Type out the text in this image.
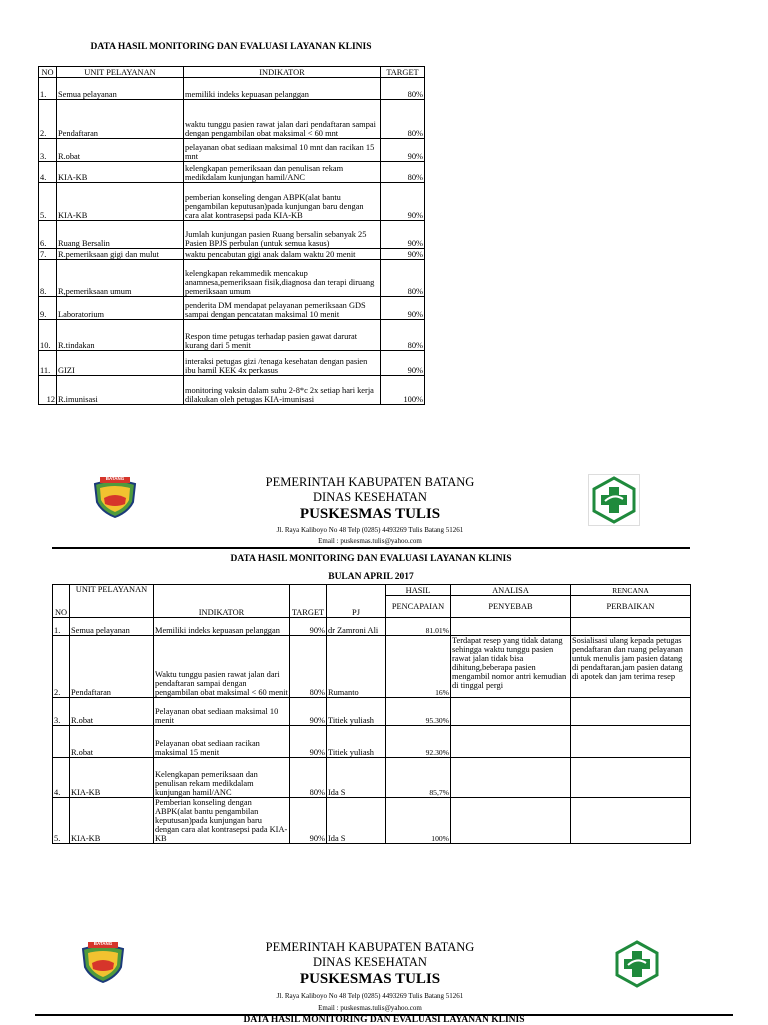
DATA HASIL MONITORING DAN EVALUASI LAYANAN KLINIS
NO	UNIT PELAYANAN	INDIKATOR	TARGET
1.	Semua pelayanan	memiliki indeks kepuasan pelanggan	80%
2.	Pendaftaran	waktu tunggu pasien rawat jalan dari pendaftaran sampai dengan pengambilan obat maksimal < 60 mnt	80%
3.	R.obat	pelayanan obat sediaan maksimal 10 mnt dan racikan 15 mnt	90%
4.	KIA-KB	kelengkapan pemeriksaan dan penulisan rekam medikdalam kunjungan hamil/ANC	80%
5.	KIA-KB	pemberian konseling dengan ABPK(alat bantu pengambilan keputusan)pada kunjungan baru dengan cara alat kontrasepsi pada KIA-KB	90%
6.	Ruang Bersalin	Jumlah kunjungan pasien Ruang bersalin sebanyak 25 Pasien BPJS perbulan (untuk semua kasus)	90%
7.	R.pemeriksaan gigi dan mulut	waktu pencabutan gigi anak dalam waktu 20 menit	90%
8.	R,pemeriksaan umum	kelengkapan rekammedik mencakup anamnesa,pemeriksaan fisik,diagnosa dan terapi diruang pemeriksaan umum	80%
9.	Laboratorium	penderita DM mendapat pelayanan pemeriksaan GDS sampai dengan pencatatan maksimal 10 menit	90%
10.	R.tindakan	Respon time petugas terhadap pasien gawat darurat kurang dari 5 menit	80%
11.	GIZI	interaksi petugas gizi /tenaga kesehatan dengan pasien ibu hamil KEK 4x perkasus	90%
12	R.imunisasi	monitoring vaksin dalam suhu 2-8*c 2x setiap hari kerja dilakukan oleh petugas KIA-imunisasi	100%
BATANG	PEMERINTAH KABUPATEN BATANG
DINAS KESEHATAN
PUSKESMAS TULIS
Jl. Raya Kaliboyo No 48 Telp (0285) 4493269 Tulis Batang 51261
Email : puskesmas.tulis@yahoo.com
DATA HASIL MONITORING DAN EVALUASI LAYANAN KLINIS
BULAN APRIL 2017
NO	UNIT PELAYANAN	INDIKATOR	TARGET	PJ	HASIL	ANALISA	RENCANA
					PENCAPAIAN	PENYEBAB	PERBAIKAN
1.	Semua pelayanan	Memiliki indeks kepuasan pelanggan	90%	dr Zamroni Ali	81.01%		
2.	Pendaftaran	Waktu tunggu pasien rawat jalan dari pendaftaran sampai dengan pengambilan obat maksimal < 60 menit	80%	Rumanto	16%	Terdapat resep yang tidak datang sehingga waktu tunggu pasien rawat jalan tidak bisa dihitung,beberapa pasien mengambil nomor antri kemudian di tinggal pergi	Sosialisasi ulang kepada petugas pendaftaran dan ruang pelayanan untuk menulis jam pasien datang di pendaftaran,jam pasien datang di apotek dan jam terima resep
3.	R.obat	Pelayanan obat sediaan maksimal 10 menit	90%	Titiek yuliash	95.30%		
	R.obat	Pelayanan obat sediaan racikan maksimal 15 menit	90%	Titiek yuliash	92.30%		
4.	KIA-KB	Kelengkapan pemeriksaan dan penulisan rekam medikdalam kunjungan hamil/ANC	80%	Ida S	85,7%		
5.	KIA-KB	Pemberian konseling dengan ABPK(alat bantu pengambilan keputusan)pada kunjungan baru dengan cara alat kontrasepsi pada KIA-KB	90%	Ida S	100%		
BATANG	PEMERINTAH KABUPATEN BATANG
DINAS KESEHATAN
PUSKESMAS TULIS
Jl. Raya Kaliboyo No 48 Telp (0285) 4493269 Tulis Batang 51261
Email : puskesmas.tulis@yahoo.com
DATA HASIL MONITORING DAN EVALUASI LAYANAN KLINIS
